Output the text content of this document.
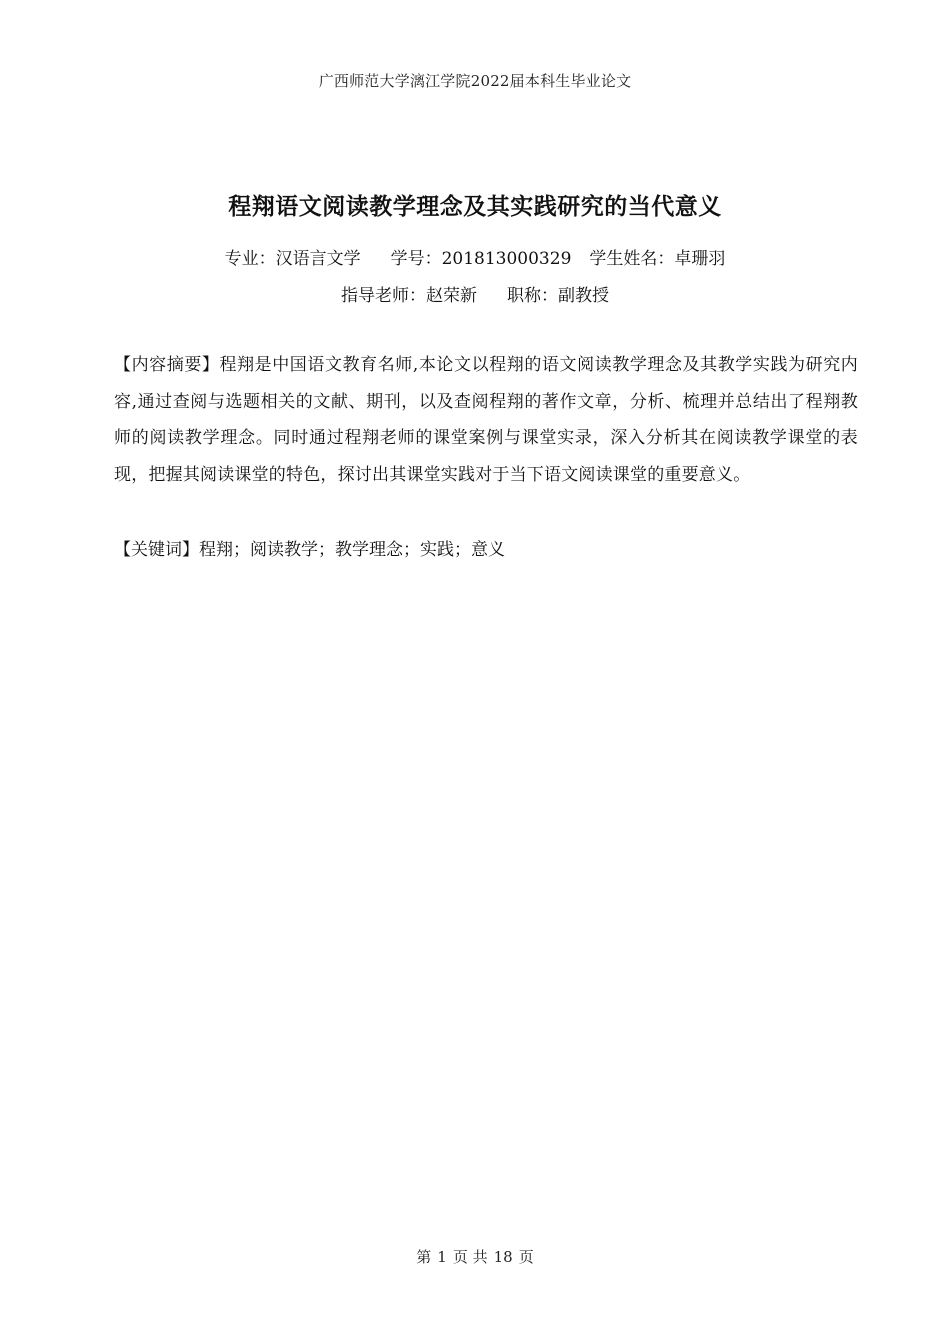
广西师范大学漓江学院2022届本科生毕业论文
程翔语文阅读教学理念及其实践研究的当代意义
专业：汉语言文学 学号：201813000329 学生姓名：卓珊羽
指导老师：赵荣新 职称：副教授
【内容摘要】程翔是中国语文教育名师,本论文以程翔的语文阅读教学理念及其教学实践为研究内容,通过查阅与选题相关的文献、期刊，以及查阅程翔的著作文章，分析、梳理并总结出了程翔教师的阅读教学理念。同时通过程翔老师的课堂案例与课堂实录，深入分析其在阅读教学课堂的表现，把握其阅读课堂的特色，探讨出其课堂实践对于当下语文阅读课堂的重要意义。
【关键词】程翔；阅读教学；教学理念；实践；意义
第 1 页 共 18 页
